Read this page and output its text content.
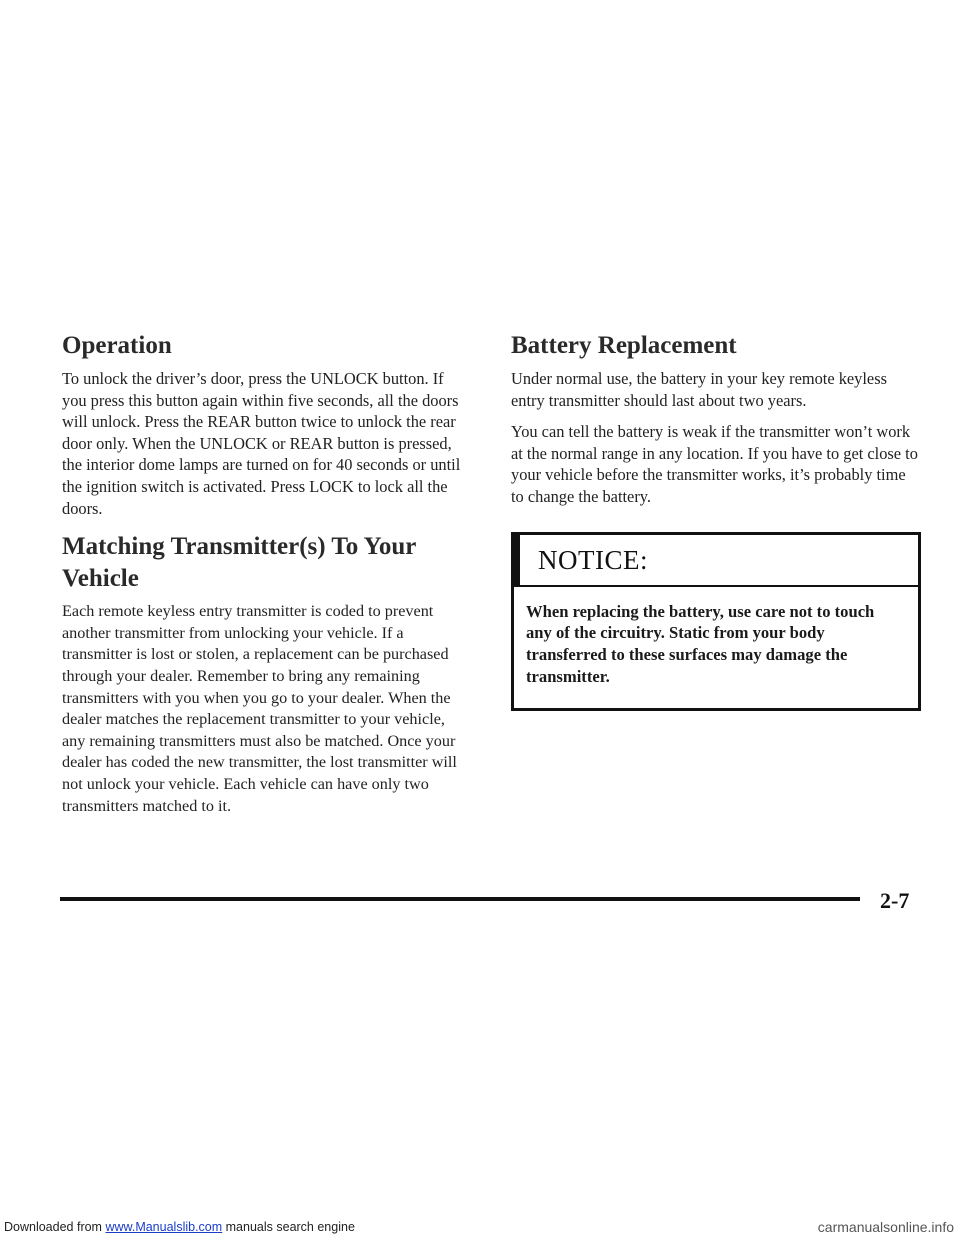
Operation

To unlock the driver’s door, press the UNLOCK button. If you press this button again within five seconds, all the doors will unlock. Press the REAR button twice to unlock the rear door only. When the UNLOCK or REAR button is pressed, the interior dome lamps are turned on for 40 seconds or until the ignition switch is activated. Press LOCK to lock all the doors.

Matching Transmitter(s) To Your Vehicle

Each remote keyless entry transmitter is coded to prevent another transmitter from unlocking your vehicle. If a transmitter is lost or stolen, a replacement can be purchased through your dealer. Remember to bring any remaining transmitters with you when you go to your dealer. When the dealer matches the replacement transmitter to your vehicle, any remaining transmitters must also be matched. Once your dealer has coded the new transmitter, the lost transmitter will not unlock your vehicle. Each vehicle can have only two transmitters matched to it.

Battery Replacement

Under normal use, the battery in your key remote keyless entry transmitter should last about two years.

You can tell the battery is weak if the transmitter won’t work at the normal range in any location. If you have to get close to your vehicle before the transmitter works, it’s probably time to change the battery.

NOTICE:
When replacing the battery, use care not to touch any of the circuitry. Static from your body transferred to these surfaces may damage the transmitter.
2-7
Downloaded from www.Manualslib.com manuals search engine	carmanualsonline.info
